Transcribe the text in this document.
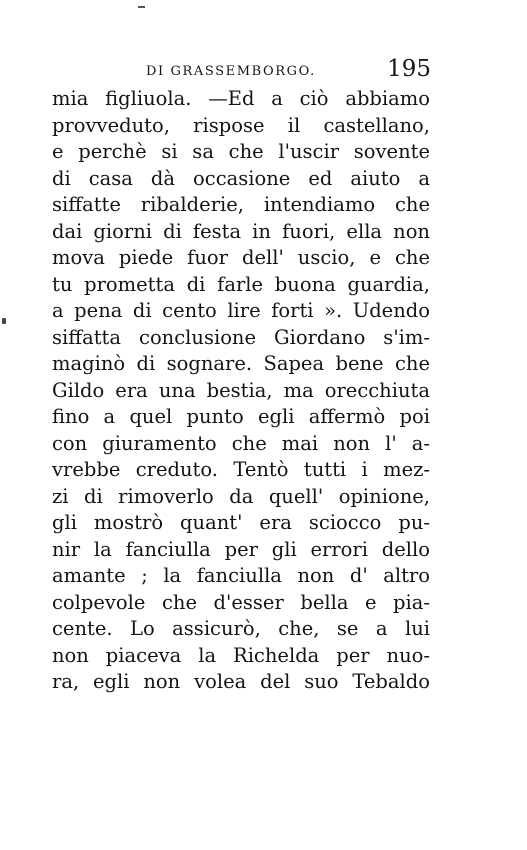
DI GRASSEMBORGO.	195
mia figliuola. —Ed a ciò abbiamo
provveduto, rispose il castellano,
e perchè si sa che l'uscir sovente
di casa dà occasione ed aiuto a
siffatte ribalderie, intendiamo che
dai giorni di festa in fuori, ella non
mova piede fuor dell' uscio, e che
tu prometta di farle buona guardia,
a pena di cento lire forti ». Udendo
siffatta conclusione Giordano s'im-
maginò di sognare. Sapea bene che
Gildo era una bestia, ma orecchiuta
fino a quel punto egli affermò poi
con giuramento che mai non l' a-
vrebbe creduto. Tentò tutti i mez-
zi di rimoverlo da quell' opinione,
gli mostrò quant' era sciocco pu-
nir la fanciulla per gli errori dello
amante ; la fanciulla non d' altro
colpevole che d'esser bella e pia-
cente. Lo assicurò, che, se a lui
non piaceva la Richelda per nuo-
ra, egli non volea del suo Tebaldo
